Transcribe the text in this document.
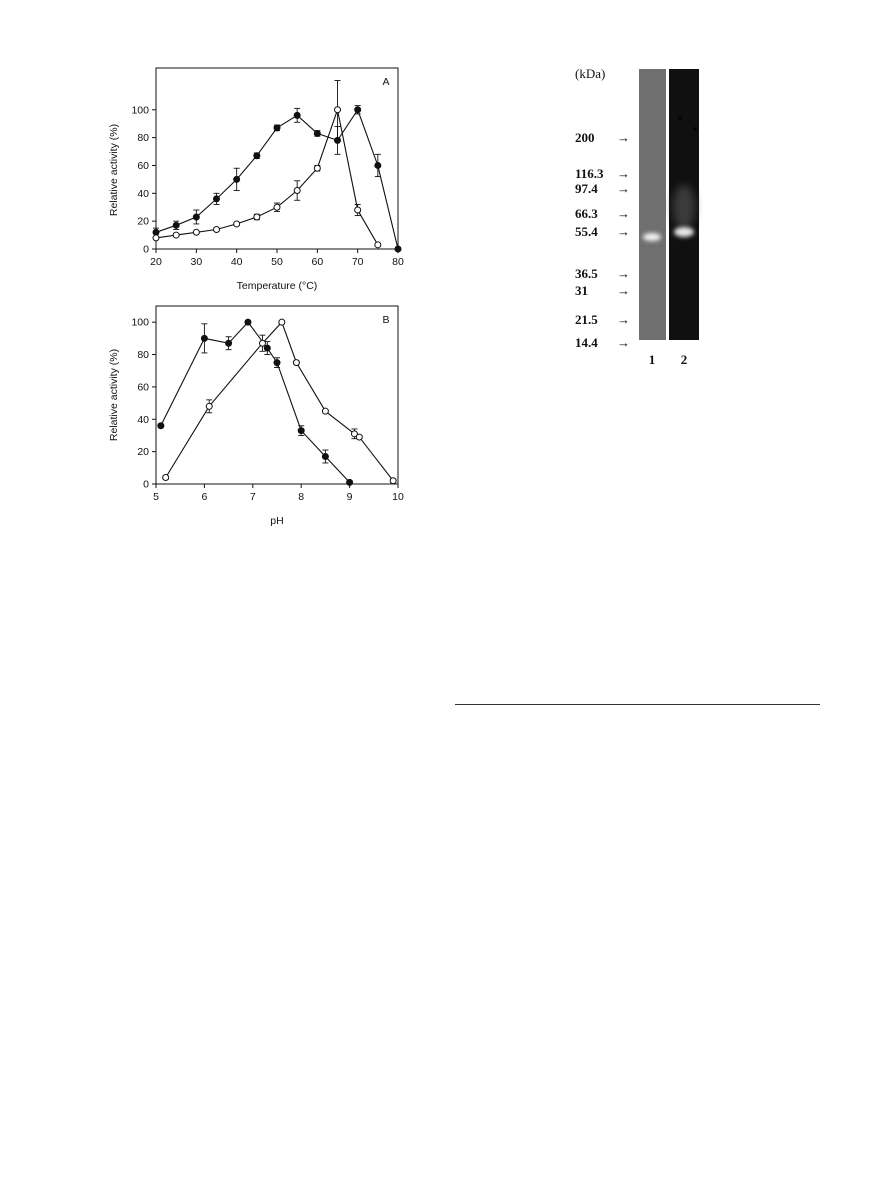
A
20	30	40	50	60	70	80
0
20
40
60
80
100
Temperature (°C)
Relative activity (%)
B
5	6	7	8	9	10
0
20
40
60
80
100
pH
Relative activity (%)
(kDa)
200 →
116.3 →
97.4 →
66.3 →
55.4 →
36.5 →
31 →
21.5 →
14.4 →
1 2
